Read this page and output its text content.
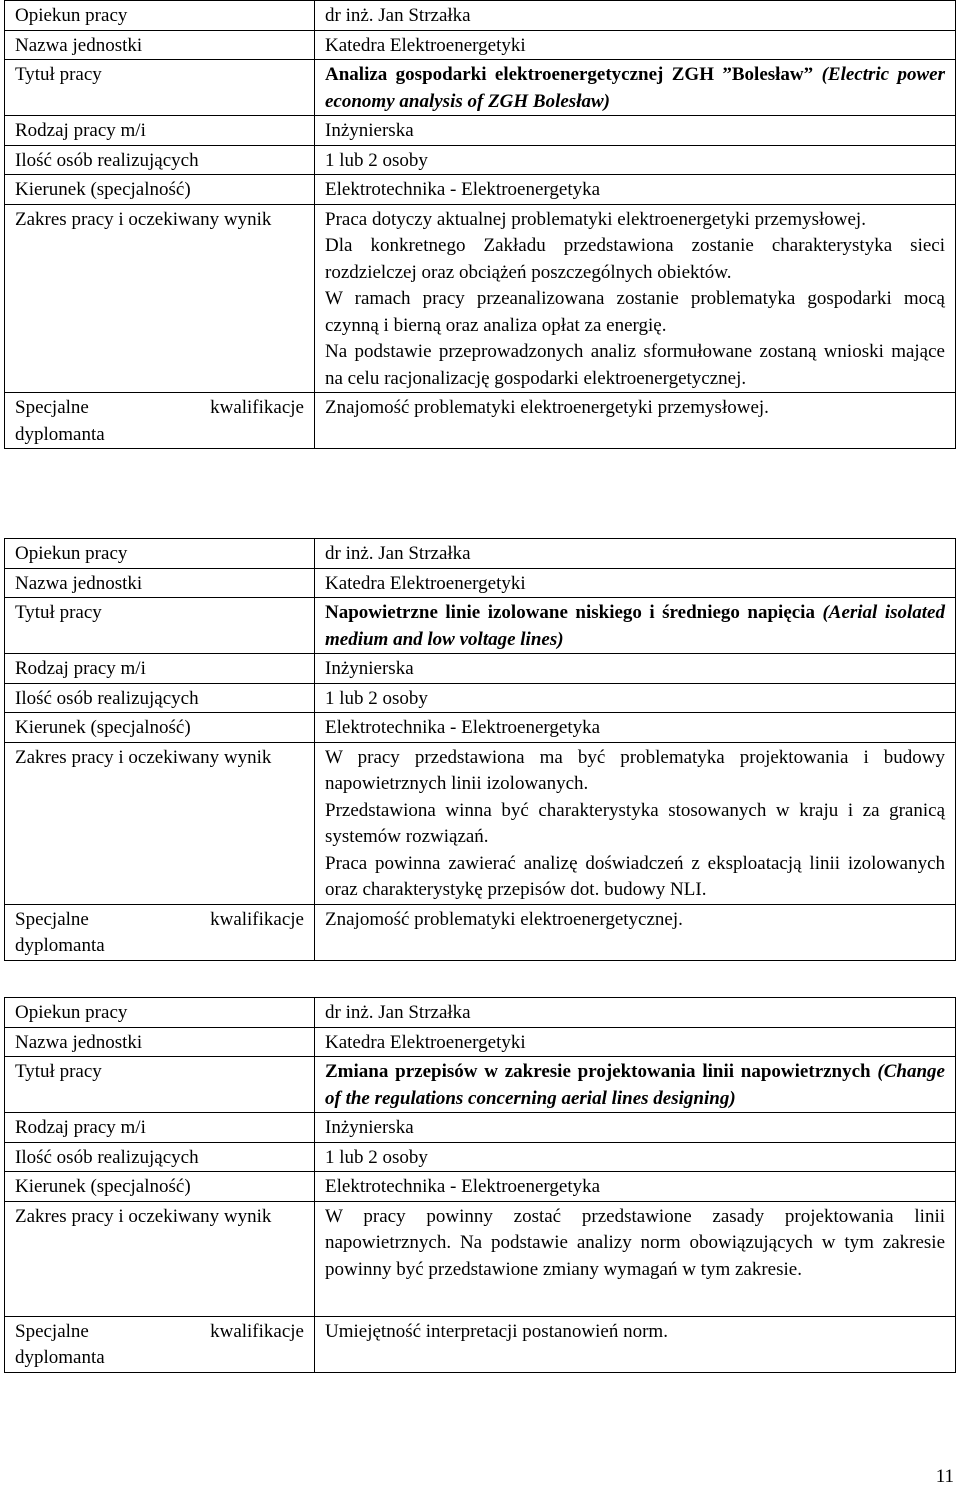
Opiekun pracy	dr inż. Jan Strzałka
Nazwa jednostki	Katedra Elektroenergetyki
Tytuł pracy	Analiza gospodarki elektroenergetycznej ZGH ”Bolesław” (Electric power economy analysis of ZGH Bolesław)
Rodzaj pracy m/i	Inżynierska
Ilość osób realizujących	1 lub 2 osoby
Kierunek (specjalność)	Elektrotechnika - Elektroenergetyka
Zakres pracy i oczekiwany wynik	Praca dotyczy aktualnej problematyki elektroenergetyki przemysłowej.
Dla konkretnego Zakładu przedstawiona zostanie charakterystyka sieci rozdzielczej oraz obciążeń poszczególnych obiektów.
W ramach pracy przeanalizowana zostanie problematyka gospodarki mocą czynną i bierną oraz analiza opłat za energię.
Na podstawie przeprowadzonych analiz sformułowane zostaną wnioski mające na celu racjonalizację gospodarki elektroenergetycznej.

Specjalne kwalifikacje
dyplomanta	Znajomość problematyki elektroenergetyki przemysłowej.
Opiekun pracy	dr inż. Jan Strzałka
Nazwa jednostki	Katedra Elektroenergetyki
Tytuł pracy	Napowietrzne linie izolowane niskiego i średniego napięcia (Aerial isolated medium and low voltage lines)
Rodzaj pracy m/i	Inżynierska
Ilość osób realizujących	1 lub 2 osoby
Kierunek (specjalność)	Elektrotechnika - Elektroenergetyka
Zakres pracy i oczekiwany wynik	W pracy przedstawiona ma być problematyka projektowania i budowy napowietrznych linii izolowanych.
Przedstawiona winna być charakterystyka stosowanych w kraju i za granicą systemów rozwiązań.
Praca powinna zawierać analizę doświadczeń z eksploatacją linii izolowanych oraz charakterystykę przepisów dot. budowy NLI.

Specjalne kwalifikacje
dyplomanta	Znajomość problematyki elektroenergetycznej.
Opiekun pracy	dr inż. Jan Strzałka
Nazwa jednostki	Katedra Elektroenergetyki
Tytuł pracy	Zmiana przepisów w zakresie projektowania linii napowietrznych (Change of the regulations concerning aerial lines designing)
Rodzaj pracy m/i	Inżynierska
Ilość osób realizujących	1 lub 2 osoby
Kierunek (specjalność)	Elektrotechnika - Elektroenergetyka
Zakres pracy i oczekiwany wynik	W pracy powinny zostać przedstawione zasady projektowania linii napowietrznych. Na podstawie analizy norm obowiązujących w tym zakresie powinny być przedstawione zmiany wymagań w tym zakresie.

Specjalne kwalifikacje
dyplomanta	Umiejętność interpretacji postanowień norm.
11
